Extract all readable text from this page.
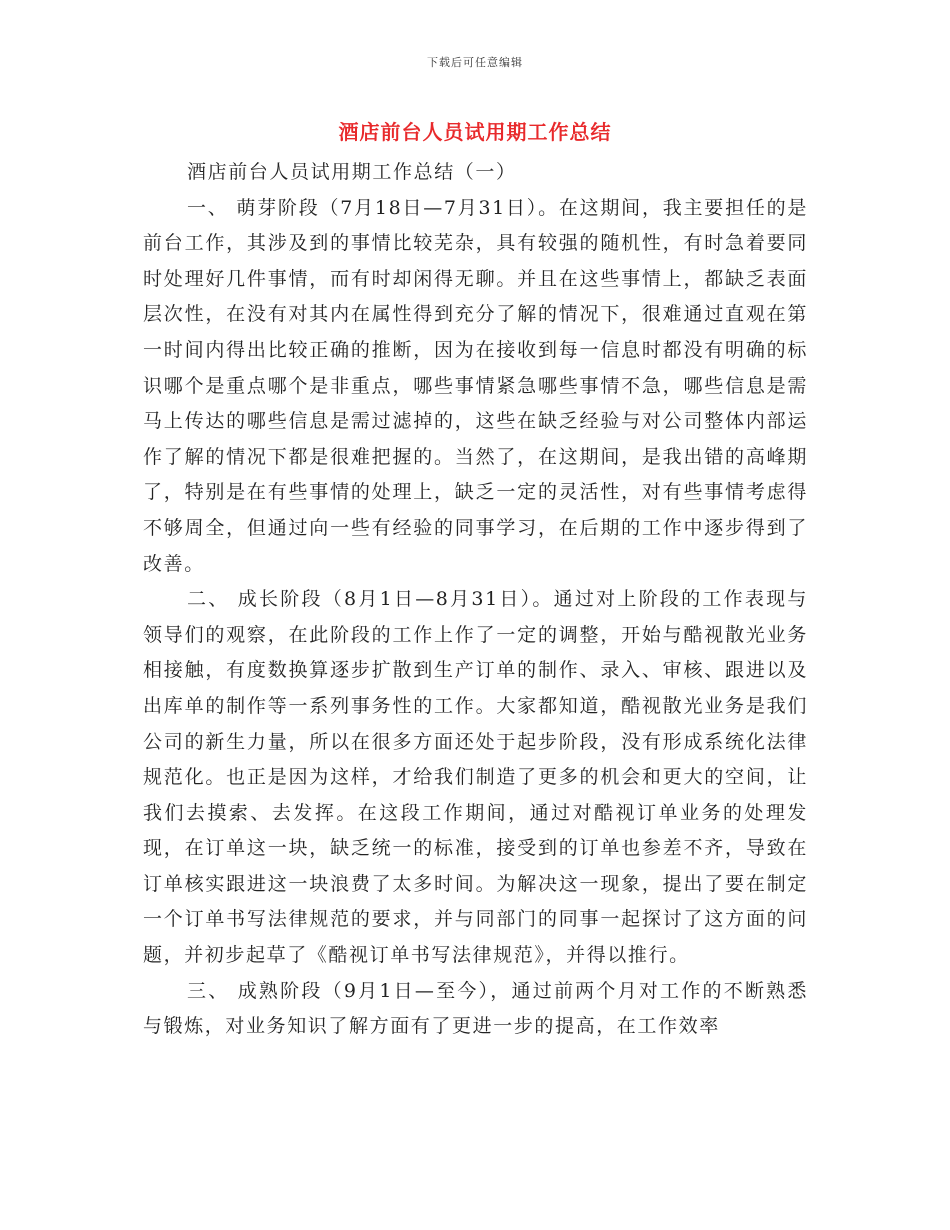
下载后可任意编辑
酒店前台人员试用期工作总结

酒店前台人员试用期工作总结（一）

一、 萌芽阶段（7月18日—7月31日）。在这期间，我主要担任的是前台工作，其涉及到的事情比较芜杂，具有较强的随机性，有时急着要同时处理好几件事情，而有时却闲得无聊。并且在这些事情上，都缺乏表面层次性，在没有对其内在属性得到充分了解的情况下，很难通过直观在第一时间内得出比较正确的推断，因为在接收到每一信息时都没有明确的标识哪个是重点哪个是非重点，哪些事情紧急哪些事情不急，哪些信息是需马上传达的哪些信息是需过滤掉的，这些在缺乏经验与对公司整体内部运作了解的情况下都是很难把握的。当然了，在这期间，是我出错的高峰期了，特别是在有些事情的处理上，缺乏一定的灵活性，对有些事情考虑得不够周全，但通过向一些有经验的同事学习，在后期的工作中逐步得到了改善。

二、 成长阶段（8月1日—8月31日）。通过对上阶段的工作表现与领导们的观察，在此阶段的工作上作了一定的调整，开始与酷视散光业务相接触，有度数换算逐步扩散到生产订单的制作、录入、审核、跟进以及出库单的制作等一系列事务性的工作。大家都知道，酷视散光业务是我们公司的新生力量，所以在很多方面还处于起步阶段，没有形成系统化法律规范化。也正是因为这样，才给我们制造了更多的机会和更大的空间，让我们去摸索、去发挥。在这段工作期间，通过对酷视订单业务的处理发现，在订单这一块，缺乏统一的标准，接受到的订单也参差不齐，导致在订单核实跟进这一块浪费了太多时间。为解决这一现象，提出了要在制定一个订单书写法律规范的要求，并与同部门的同事一起探讨了这方面的问题，并初步起草了《酷视订单书写法律规范》，并得以推行。

三、 成熟阶段（9月1日—至今），通过前两个月对工作的不断熟悉与锻炼，对业务知识了解方面有了更进一步的提高，在工作效率
